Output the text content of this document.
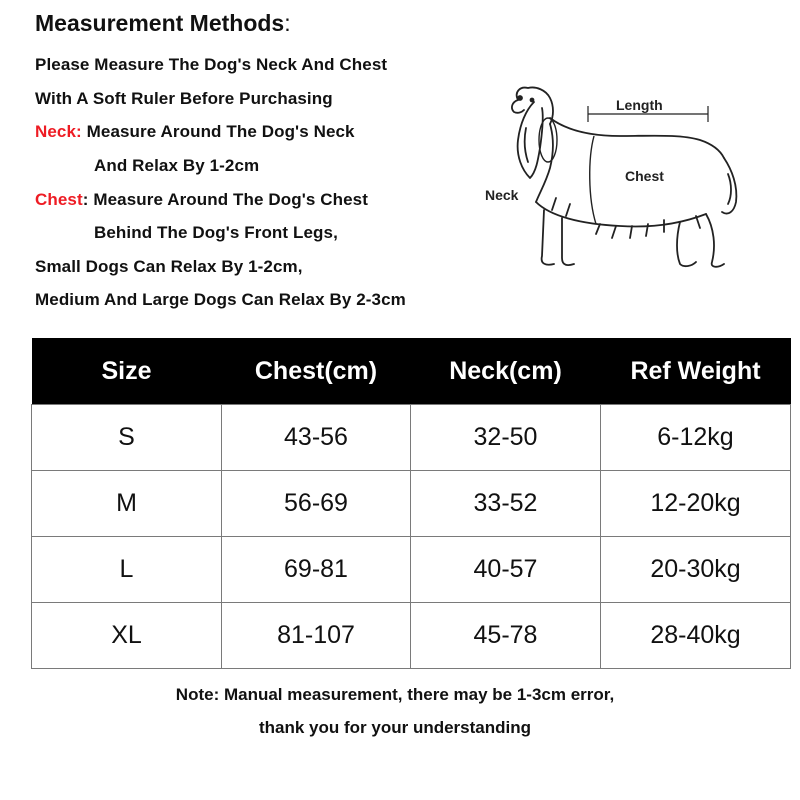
Measurement Methods:
Please Measure The Dog's Neck And Chest
With A Soft Ruler Before Purchasing
Neck: Measure Around The Dog's Neck
And Relax By 1-2cm
Chest: Measure Around The Dog's Chest
Behind The Dog's Front Legs,
Small Dogs Can Relax By 1-2cm,
Medium And Large Dogs Can Relax By 2-3cm
Length
Chest
Neck
Size	Chest(cm)	Neck(cm)	Ref Weight
S	43-56	32-50	6-12kg
M	56-69	33-52	12-20kg
L	69-81	40-57	20-30kg
XL	81-107	45-78	28-40kg
Note: Manual measurement, there may be 1-3cm error,
thank you for your understanding
